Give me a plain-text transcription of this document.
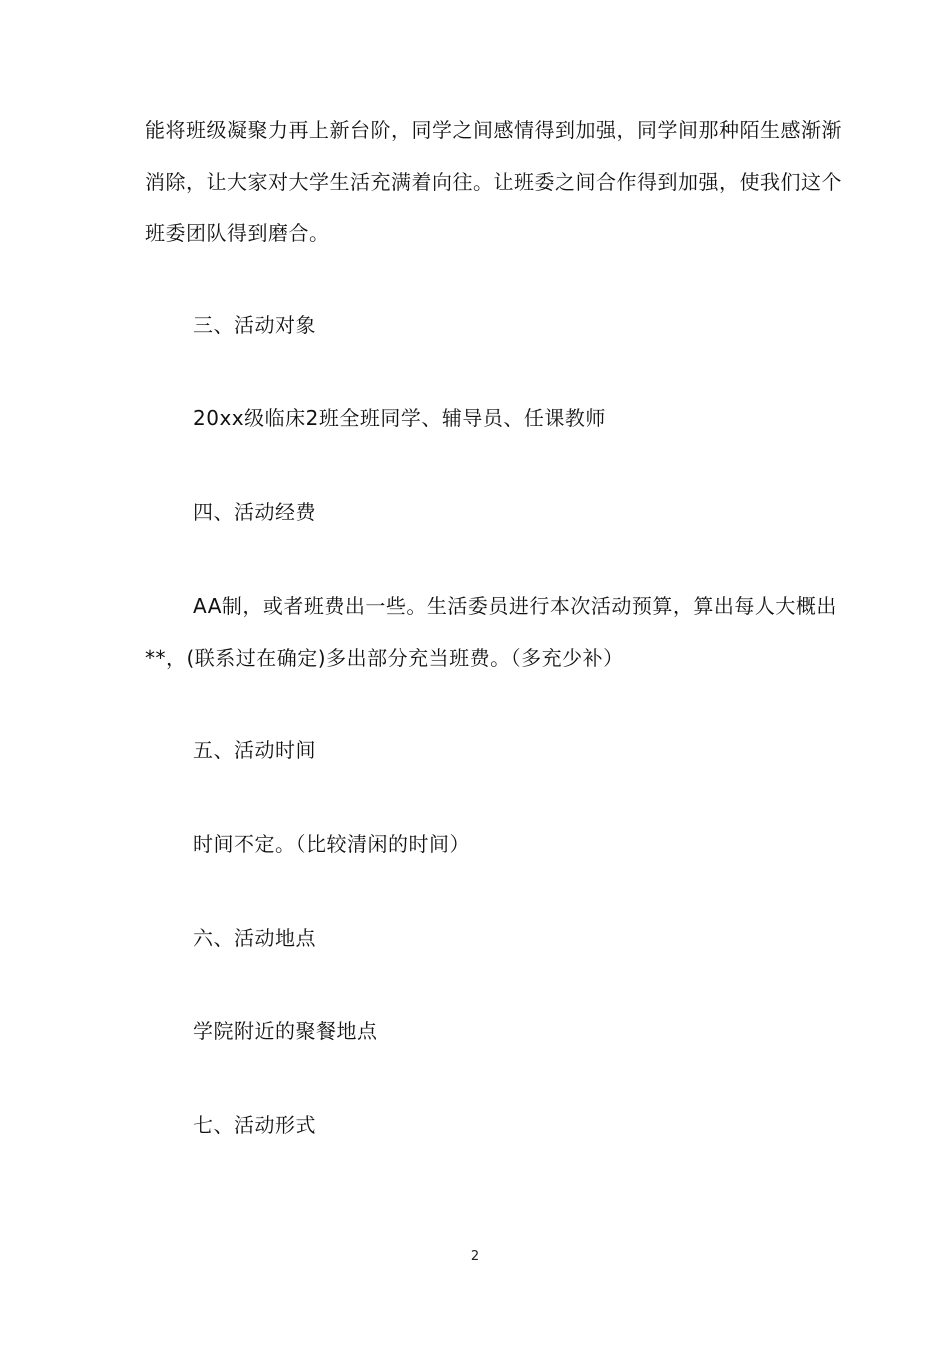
能将班级凝聚力再上新台阶，同学之间感情得到加强，同学间那种陌生感渐渐
消除，让大家对大学生活充满着向往。让班委之间合作得到加强，使我们这个
班委团队得到磨合。
三、活动对象
20xx级临床2班全班同学、辅导员、任课教师
四、活动经费
AA制，或者班费出一些。生活委员进行本次活动预算，算出每人大概出
**，(联系过在确定)多出部分充当班费。（多充少补）
五、活动时间
时间不定。（比较清闲的时间）
六、活动地点
学院附近的聚餐地点
七、活动形式
2
